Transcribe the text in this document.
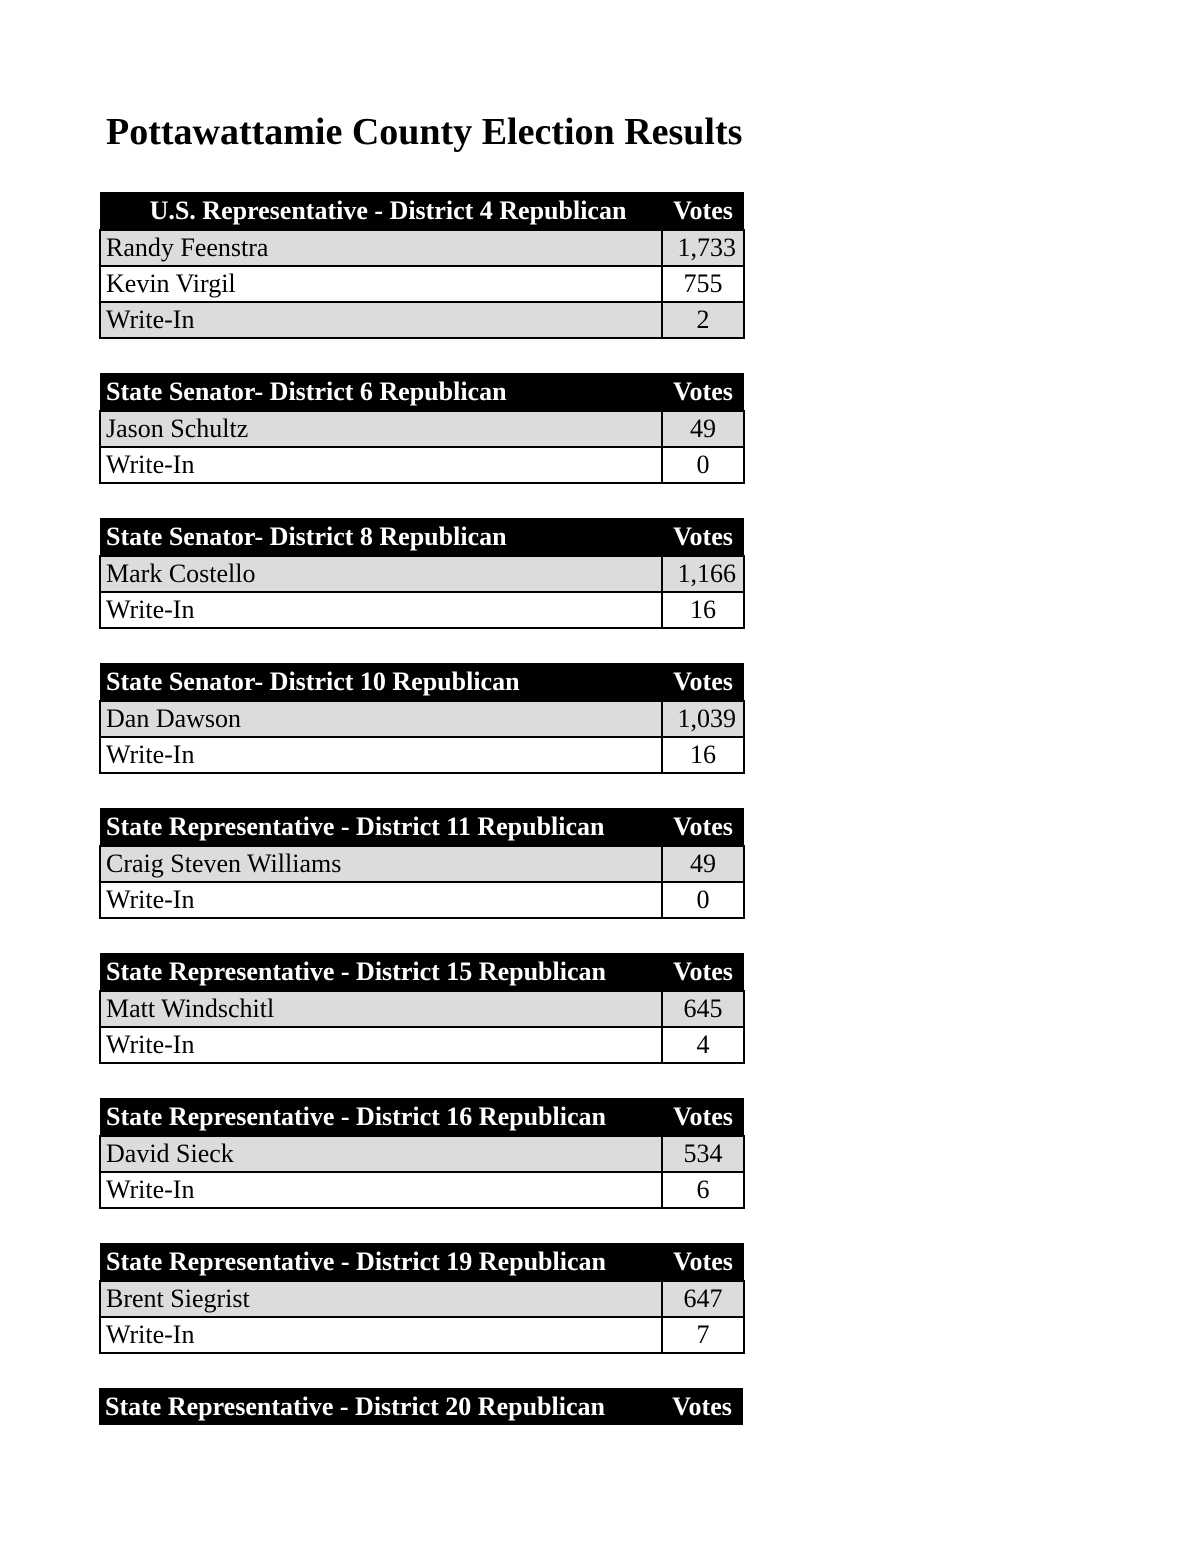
Pottawattamie County Election Results
U.S. Representative - District 4 Republican	Votes
Randy Feenstra	1,733
Kevin Virgil	755
Write-In	2
State Senator- District 6 Republican	Votes
Jason Schultz	49
Write-In	0
State Senator- District 8 Republican	Votes
Mark Costello	1,166
Write-In	16
State Senator- District 10 Republican	Votes
Dan Dawson	1,039
Write-In	16
State Representative - District 11 Republican	Votes
Craig Steven Williams	49
Write-In	0
State Representative - District 15 Republican	Votes
Matt Windschitl	645
Write-In	4
State Representative - District 16 Republican	Votes
David Sieck	534
Write-In	6
State Representative - District 19 Republican	Votes
Brent Siegrist	647
Write-In	7
State Representative - District 20 Republican	Votes
